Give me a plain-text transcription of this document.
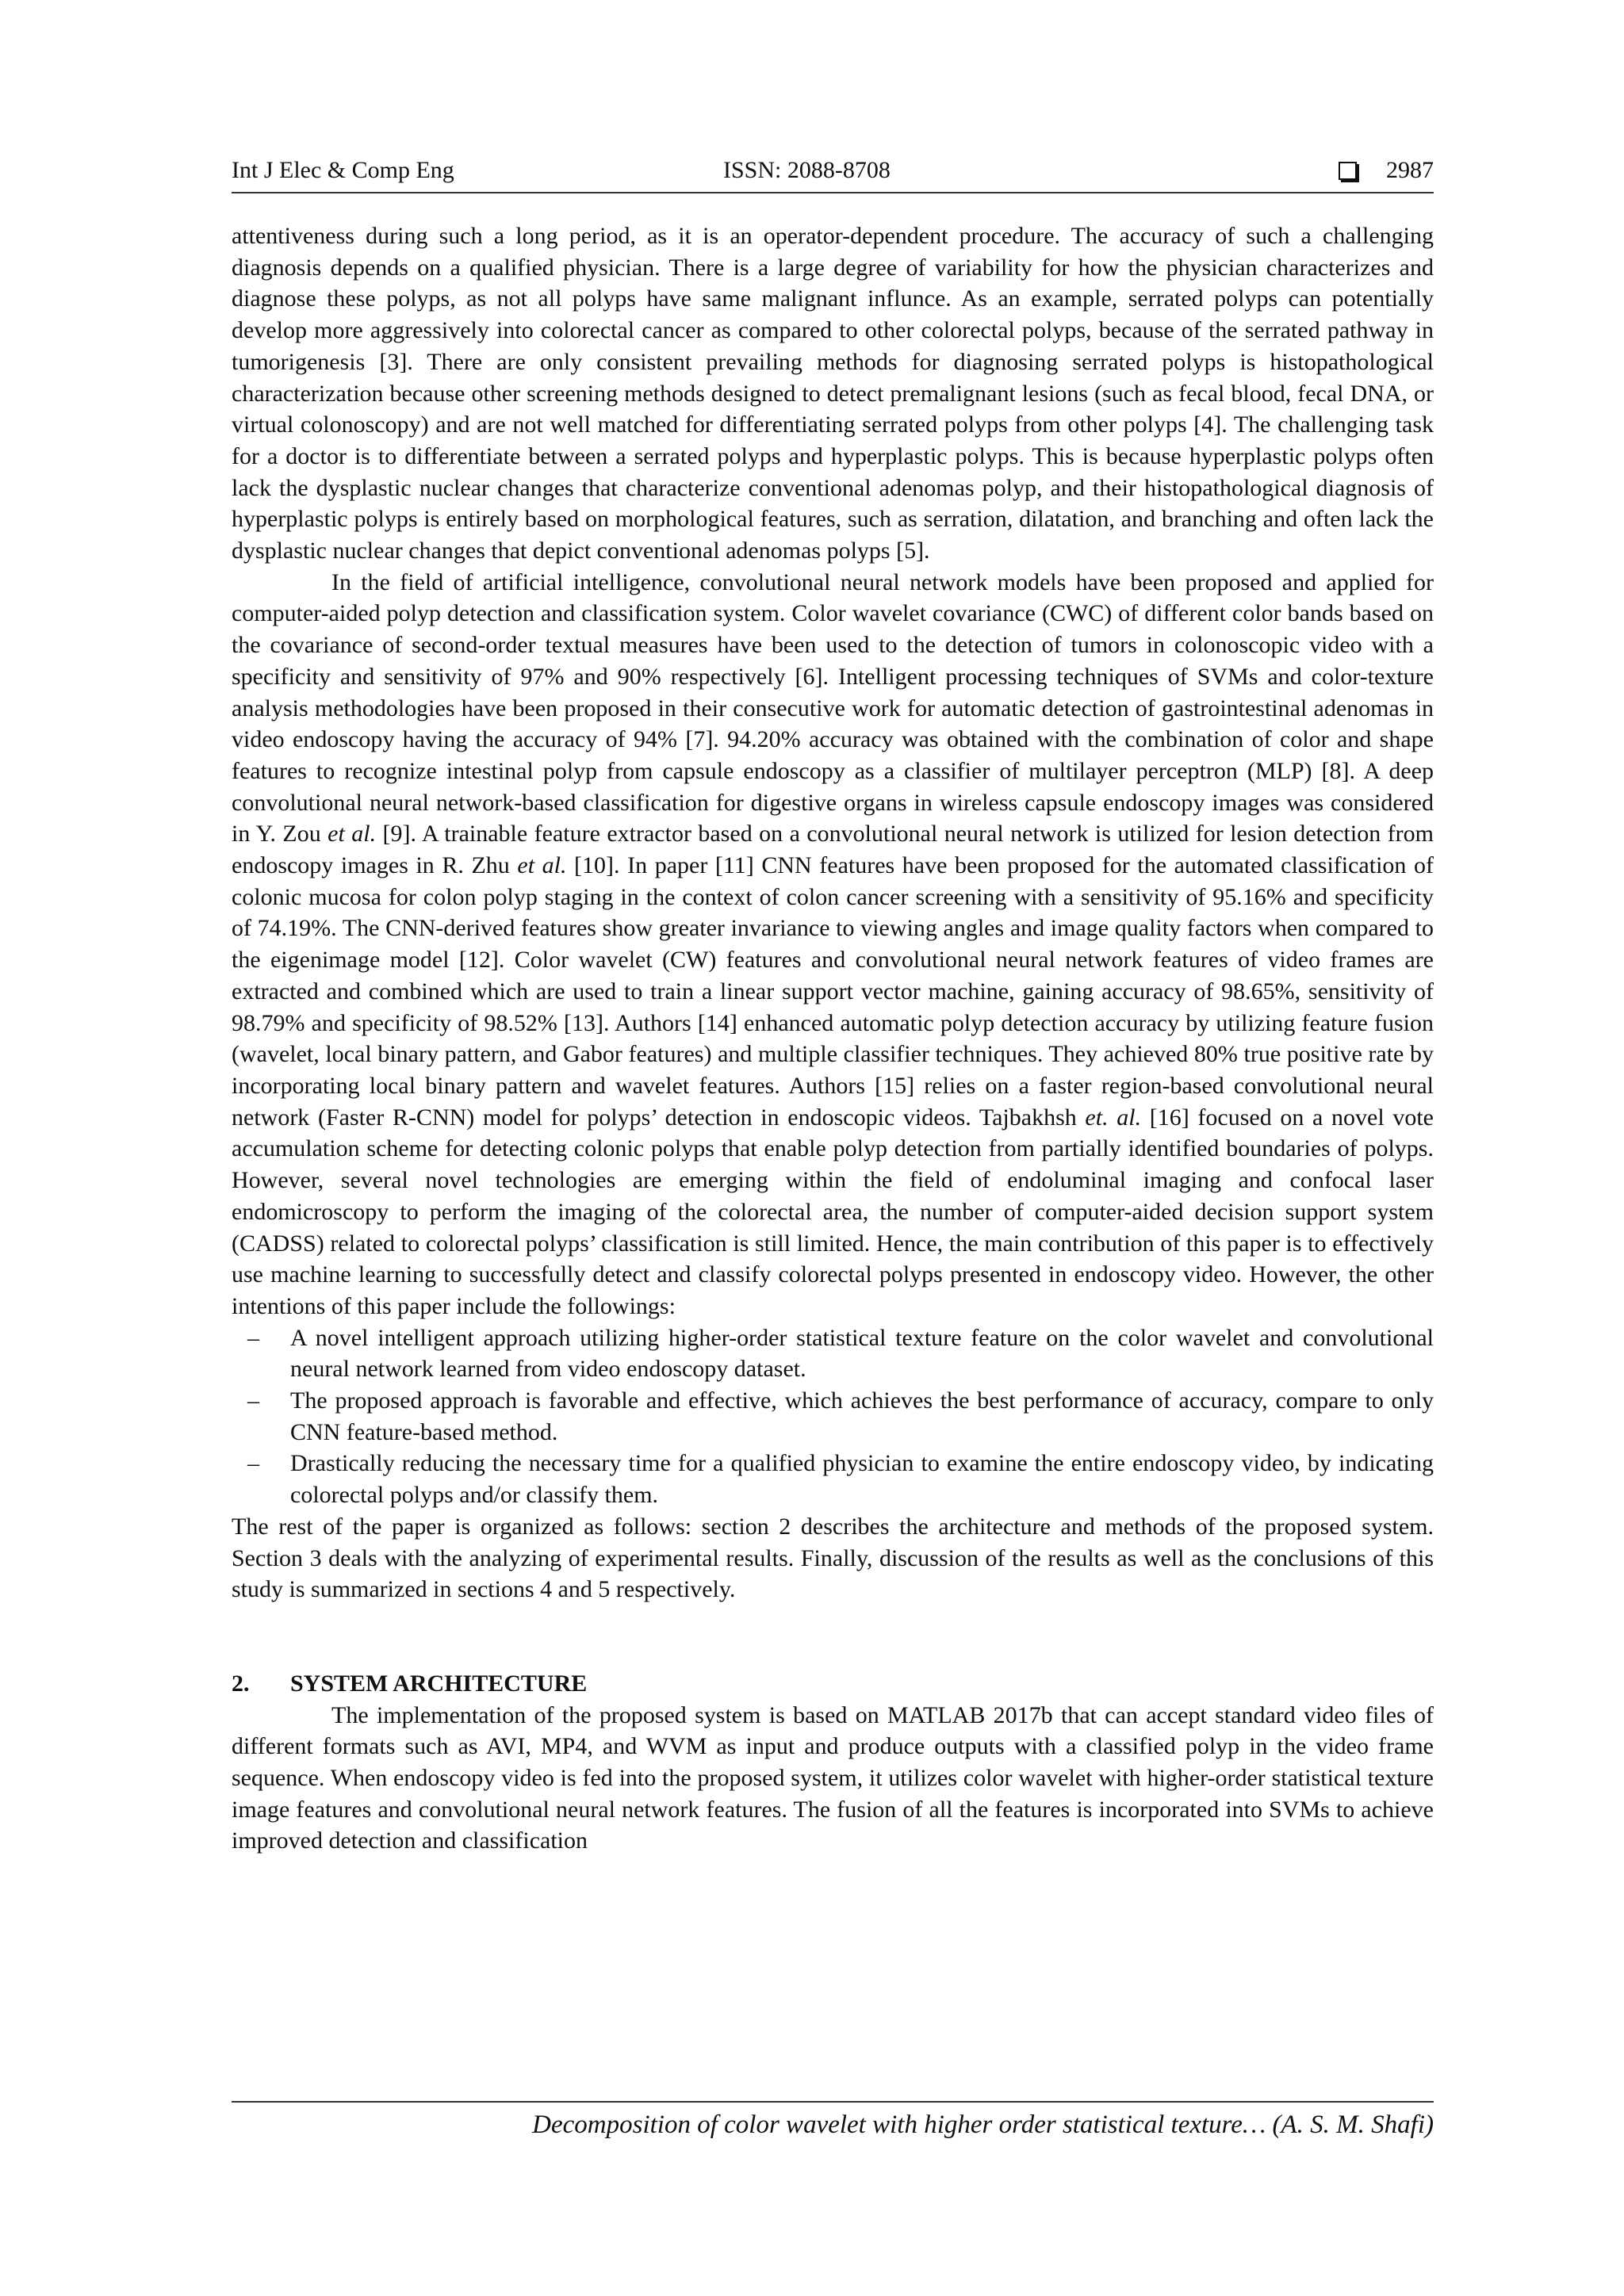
Int J Elec & Comp Eng	ISSN: 2088-8708	2987

attentiveness during such a long period, as it is an operator-dependent procedure. The accuracy of such a challenging diagnosis depends on a qualified physician. There is a large degree of variability for how the physician characterizes and diagnose these polyps, as not all polyps have same malignant influnce. As an example, serrated polyps can potentially develop more aggressively into colorectal cancer as compared to other colorectal polyps, because of the serrated pathway in tumorigenesis [3]. There are only consistent prevailing methods for diagnosing serrated polyps is histopathological characterization because other screening methods designed to detect premalignant lesions (such as fecal blood, fecal DNA, or virtual colonoscopy) and are not well matched for differentiating serrated polyps from other polyps [4]. The challenging task for a doctor is to differentiate between a serrated polyps and hyperplastic polyps. This is because hyperplastic polyps often lack the dysplastic nuclear changes that characterize conventional adenomas polyp, and their histopathological diagnosis of hyperplastic polyps is entirely based on morphological features, such as serration, dilatation, and branching and often lack the dysplastic nuclear changes that depict conventional adenomas polyps [5].

In the field of artificial intelligence, convolutional neural network models have been proposed and applied for computer-aided polyp detection and classification system. Color wavelet covariance (CWC) of different color bands based on the covariance of second-order textual measures have been used to the detection of tumors in colonoscopic video with a specificity and sensitivity of 97% and 90% respectively [6]. Intelligent processing techniques of SVMs and color-texture analysis methodologies have been proposed in their consecutive work for automatic detection of gastrointestinal adenomas in video endoscopy having the accuracy of 94% [7]. 94.20% accuracy was obtained with the combination of color and shape features to recognize intestinal polyp from capsule endoscopy as a classifier of multilayer perceptron (MLP) [8]. A deep convolutional neural network-based classification for digestive organs in wireless capsule endoscopy images was considered in Y. Zou et al. [9]. A trainable feature extractor based on a convolutional neural network is utilized for lesion detection from endoscopy images in R. Zhu et al. [10]. In paper [11] CNN features have been proposed for the automated classification of colonic mucosa for colon polyp staging in the context of colon cancer screening with a sensitivity of 95.16% and specificity of 74.19%. The CNN-derived features show greater invariance to viewing angles and image quality factors when compared to the eigenimage model [12]. Color wavelet (CW) features and convolutional neural network features of video frames are extracted and combined which are used to train a linear support vector machine, gaining accuracy of 98.65%, sensitivity of 98.79% and specificity of 98.52% [13]. Authors [14] enhanced automatic polyp detection accuracy by utilizing feature fusion (wavelet, local binary pattern, and Gabor features) and multiple classifier techniques. They achieved 80% true positive rate by incorporating local binary pattern and wavelet features. Authors [15] relies on a faster region-based convolutional neural network (Faster R-CNN) model for polyps’ detection in endoscopic videos. Tajbakhsh et. al. [16] focused on a novel vote accumulation scheme for detecting colonic polyps that enable polyp detection from partially identified boundaries of polyps. However, several novel technologies are emerging within the field of endoluminal imaging and confocal laser endomicroscopy to perform the imaging of the colorectal area, the number of computer-aided decision support system (CADSS) related to colorectal polyps’ classification is still limited. Hence, the main contribution of this paper is to effectively use machine learning to successfully detect and classify colorectal polyps presented in endoscopy video. However, the other intentions of this paper include the followings:

– A novel intelligent approach utilizing higher-order statistical texture feature on the color wavelet and convolutional neural network learned from video endoscopy dataset.
– The proposed approach is favorable and effective, which achieves the best performance of accuracy, compare to only CNN feature-based method.
– Drastically reducing the necessary time for a qualified physician to examine the entire endoscopy video, by indicating colorectal polyps and/or classify them.

The rest of the paper is organized as follows: section 2 describes the architecture and methods of the proposed system. Section 3 deals with the analyzing of experimental results. Finally, discussion of the results as well as the conclusions of this study is summarized in sections 4 and 5 respectively.

2. SYSTEM ARCHITECTURE

The implementation of the proposed system is based on MATLAB 2017b that can accept standard video files of different formats such as AVI, MP4, and WVM as input and produce outputs with a classified polyp in the video frame sequence. When endoscopy video is fed into the proposed system, it utilizes color wavelet with higher-order statistical texture image features and convolutional neural network features. The fusion of all the features is incorporated into SVMs to achieve improved detection and classification

Decomposition of color wavelet with higher order statistical texture… (A. S. M. Shafi)
